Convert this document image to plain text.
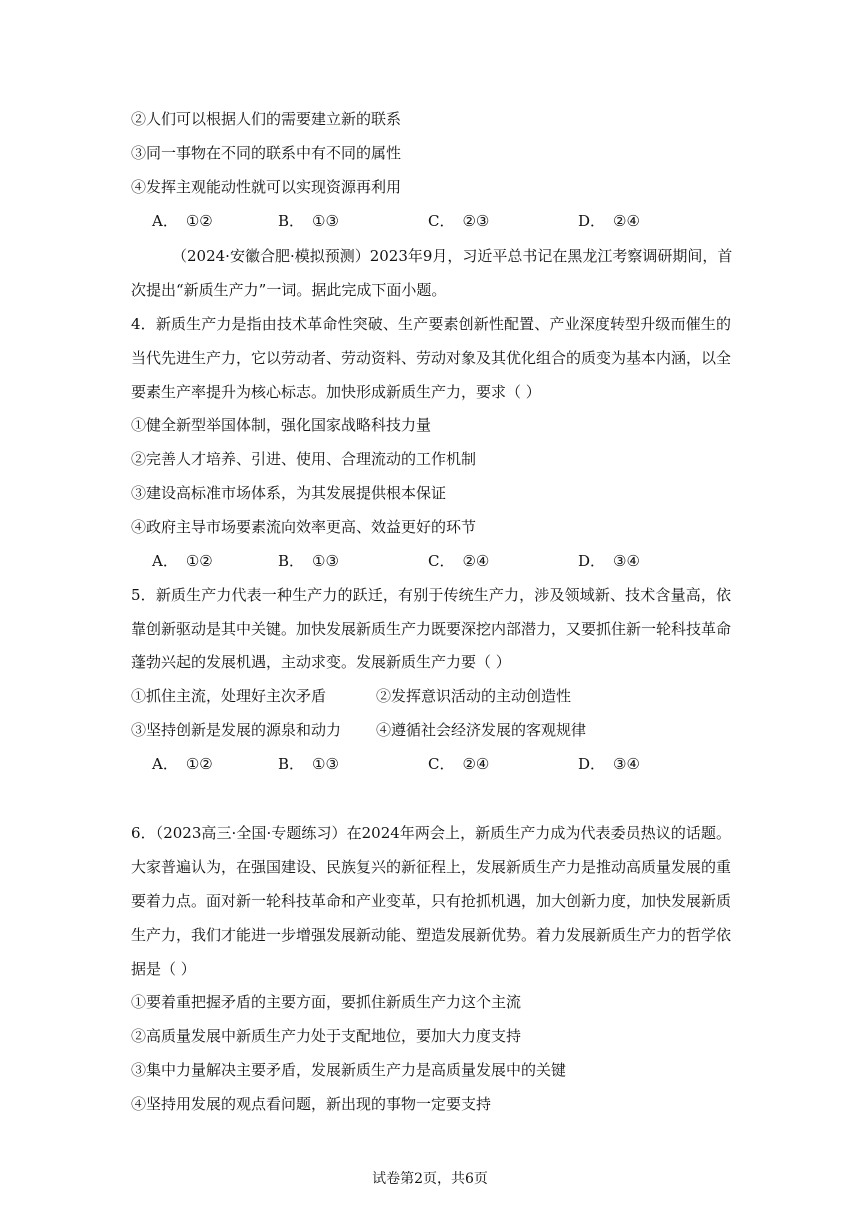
②人们可以根据人们的需要建立新的联系
③同一事物在不同的联系中有不同的属性
④发挥主观能动性就可以实现资源再利用
A． ①②	B． ①③	C． ②③	D． ②④
（2024·安徽合肥·模拟预测）2023年9月，习近平总书记在黑龙江考察调研期间，首
次提出“新质生产力”一词。据此完成下面小题。
4．新质生产力是指由技术革命性突破、生产要素创新性配置、产业深度转型升级而催生的
当代先进生产力，它以劳动者、劳动资料、劳动对象及其优化组合的质变为基本内涵，以全
要素生产率提升为核心标志。加快形成新质生产力，要求（ ）
①健全新型举国体制，强化国家战略科技力量
②完善人才培养、引进、使用、合理流动的工作机制
③建设高标准市场体系，为其发展提供根本保证
④政府主导市场要素流向效率更高、效益更好的环节
A． ①②	B． ①③	C． ②④	D． ③④
5．新质生产力代表一种生产力的跃迁，有别于传统生产力，涉及领域新、技术含量高，依
靠创新驱动是其中关键。加快发展新质生产力既要深挖内部潜力，又要抓住新一轮科技革命
蓬勃兴起的发展机遇，主动求变。发展新质生产力要（ ）
①抓住主流，处理好主次矛盾	②发挥意识活动的主动创造性
③坚持创新是发展的源泉和动力 ④遵循社会经济发展的客观规律
A． ①②	B． ①③	C． ②④	D． ③④
6．（2023高三·全国·专题练习）在2024年两会上，新质生产力成为代表委员热议的话题。
大家普遍认为，在强国建设、民族复兴的新征程上，发展新质生产力是推动高质量发展的重
要着力点。面对新一轮科技革命和产业变革，只有抢抓机遇，加大创新力度，加快发展新质
生产力，我们才能进一步增强发展新动能、塑造发展新优势。着力发展新质生产力的哲学依
据是（ ）
①要着重把握矛盾的主要方面，要抓住新质生产力这个主流
②高质量发展中新质生产力处于支配地位，要加大力度支持
③集中力量解决主要矛盾，发展新质生产力是高质量发展中的关键
④坚持用发展的观点看问题，新出现的事物一定要支持
试卷第2页，共6页
